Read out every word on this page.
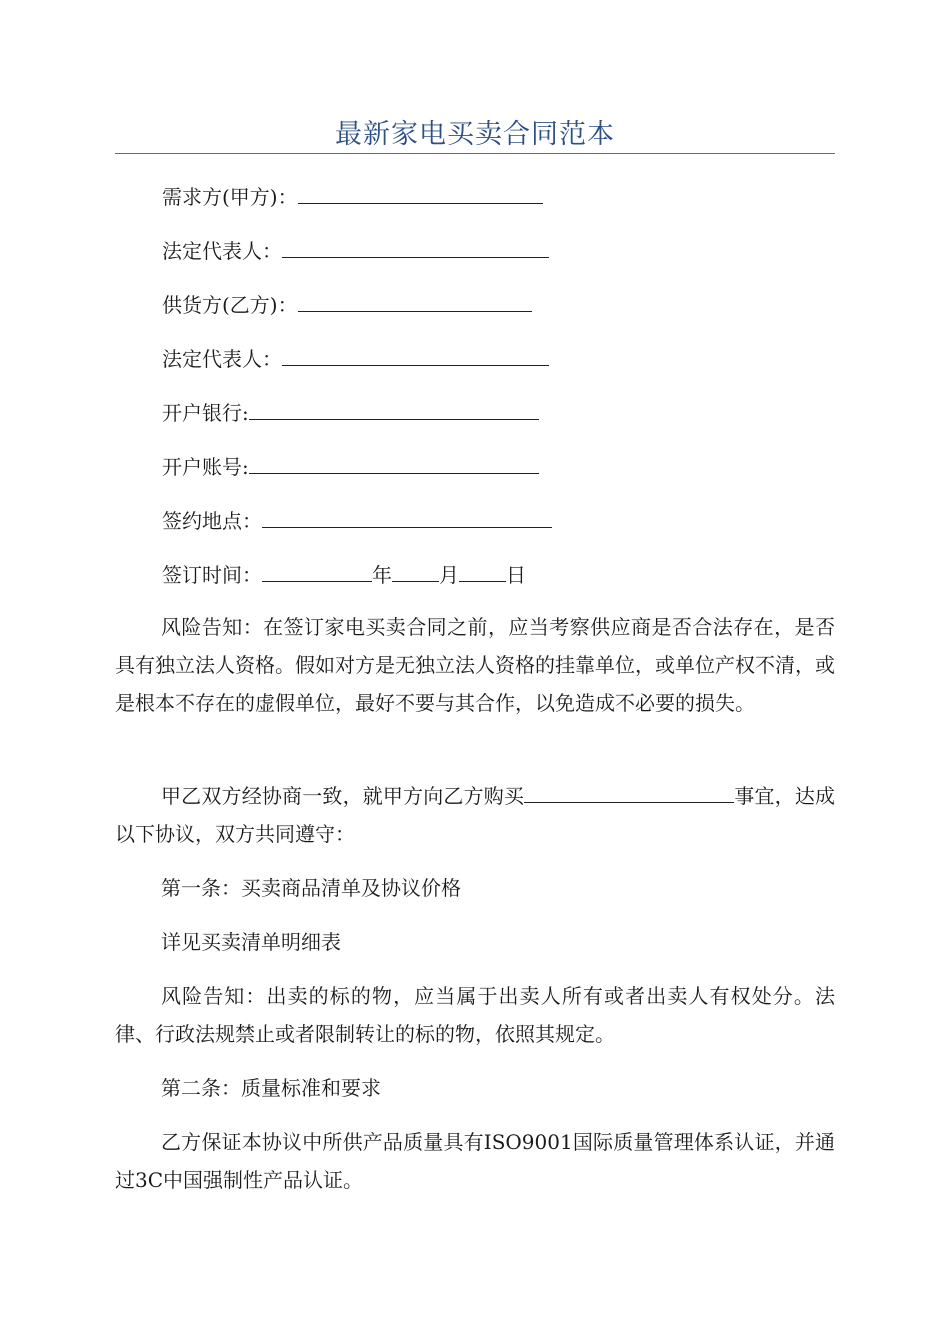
最新家电买卖合同范本
需求方(甲方)：
法定代表人：
供货方(乙方)：
法定代表人：
开户银行:
开户账号:
签约地点：
签订时间：	年 月 日
风险告知：在签订家电买卖合同之前，应当考察供应商是否合法存在，是否具有独立法人资格。假如对方是无独立法人资格的挂靠单位，或单位产权不清，或是根本不存在的虚假单位，最好不要与其合作，以免造成不必要的损失。
甲乙双方经协商一致，就甲方向乙方购买	事宜，达成以下协议，双方共同遵守：
第一条：买卖商品清单及协议价格
详见买卖清单明细表
风险告知：出卖的标的物，应当属于出卖人所有或者出卖人有权处分。法律、行政法规禁止或者限制转让的标的物，依照其规定。
第二条：质量标准和要求
乙方保证本协议中所供产品质量具有ISO9001国际质量管理体系认证，并通过3C中国强制性产品认证。
